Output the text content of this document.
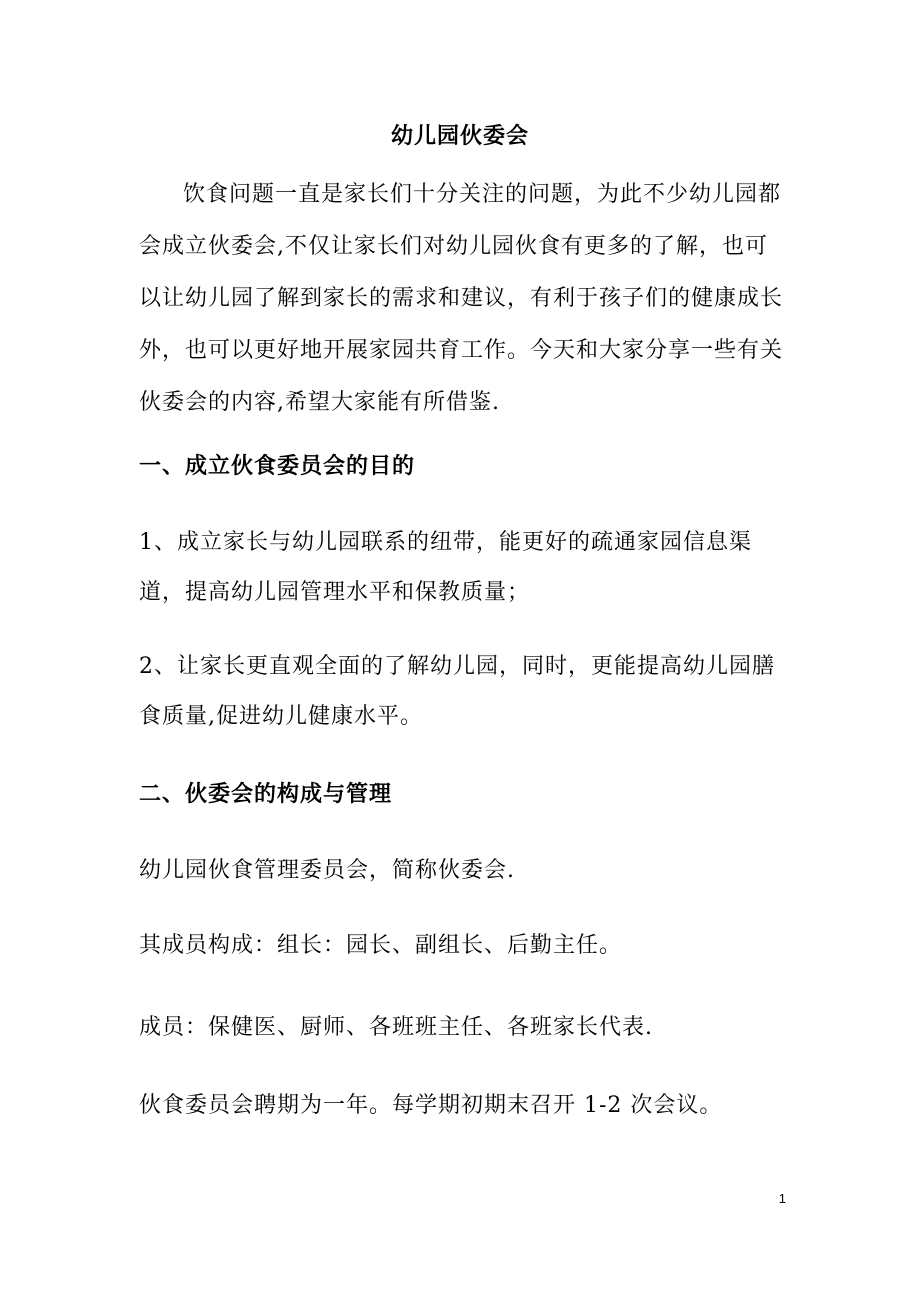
幼儿园伙委会

饮食问题一直是家长们十分关注的问题，为此不少幼儿园都会成立伙委会,不仅让家长们对幼儿园伙食有更多的了解，也可以让幼儿园了解到家长的需求和建议，有利于孩子们的健康成长外，也可以更好地开展家园共育工作。今天和大家分享一些有关伙委会的内容,希望大家能有所借鉴.

一、成立伙食委员会的目的

1、成立家长与幼儿园联系的纽带，能更好的疏通家园信息渠道，提高幼儿园管理水平和保教质量；

2、让家长更直观全面的了解幼儿园，同时，更能提高幼儿园膳食质量,促进幼儿健康水平。

二、伙委会的构成与管理
幼儿园伙食管理委员会，简称伙委会.
其成员构成：组长：园长、副组长、后勤主任。
成员：保健医、厨师、各班班主任、各班家长代表.
伙食委员会聘期为一年。每学期初期末召开 1-2 次会议。
1
